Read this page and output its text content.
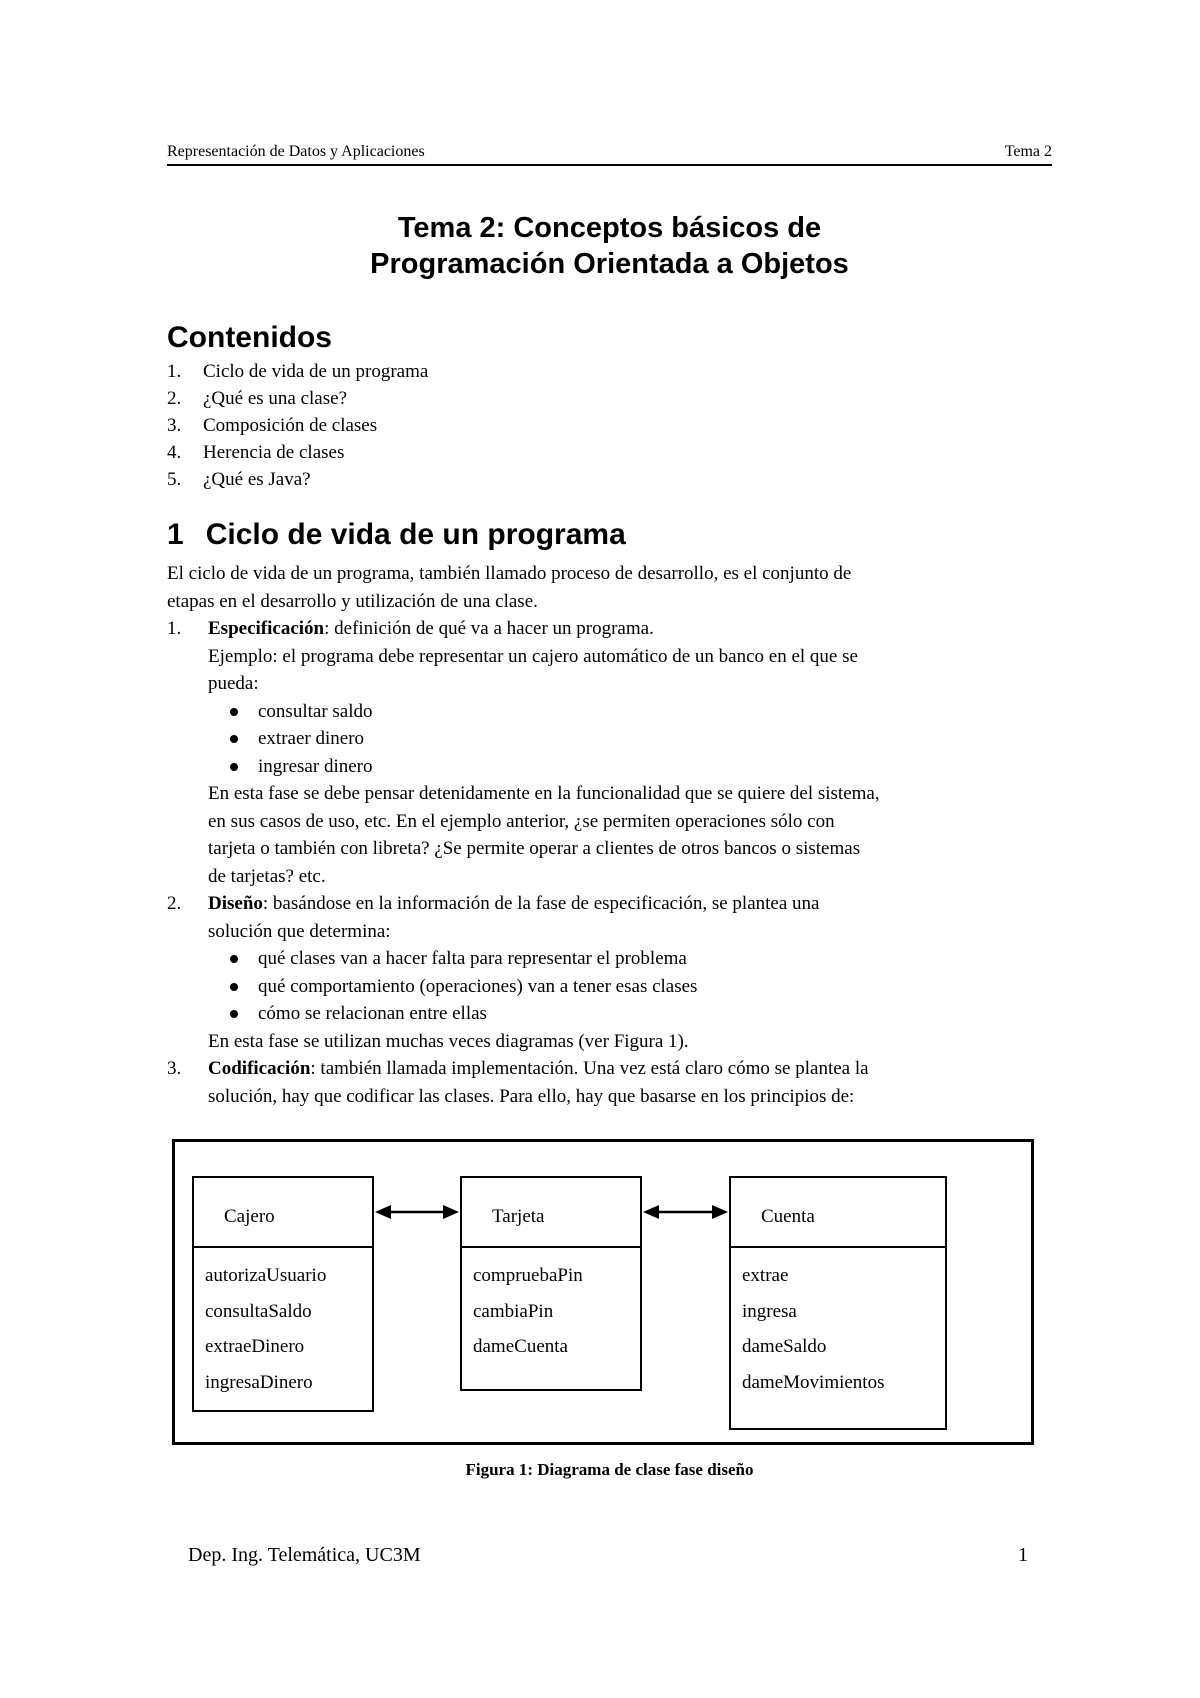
Representación de Datos y Aplicaciones	Tema 2
Tema 2: Conceptos básicos de
Programación Orientada a Objetos
Contenidos
1.	Ciclo de vida de un programa
2.	¿Qué es una clase?
3.	Composición de clases
4.	Herencia de clases
5.	¿Qué es Java?
1 Ciclo de vida de un programa
El ciclo de vida de un programa, también llamado proceso de desarrollo, es el conjunto de
etapas en el desarrollo y utilización de una clase.
1.	Especificación: definición de qué va a hacer un programa.
Ejemplo: el programa debe representar un cajero automático de un banco en el que se
pueda:
consultar saldo
extraer dinero
ingresar dinero
En esta fase se debe pensar detenidamente en la funcionalidad que se quiere del sistema,
en sus casos de uso, etc. En el ejemplo anterior, ¿se permiten operaciones sólo con
tarjeta o también con libreta? ¿Se permite operar a clientes de otros bancos o sistemas
de tarjetas? etc.
2.	Diseño: basándose en la información de la fase de especificación, se plantea una
solución que determina:
qué clases van a hacer falta para representar el problema
qué comportamiento (operaciones) van a tener esas clases
cómo se relacionan entre ellas
En esta fase se utilizan muchas veces diagramas (ver Figura 1).
3.	Codificación: también llamada implementación. Una vez está claro cómo se plantea la
solución, hay que codificar las clases. Para ello, hay que basarse en los principios de:
Cajero
autorizaUsuario
consultaSaldo
extraeDinero
ingresaDinero
Tarjeta
compruebaPin
cambiaPin
dameCuenta
Cuenta
extrae
ingresa
dameSaldo
dameMovimientos
Figura 1: Diagrama de clase fase diseño
Dep. Ing. Telemática, UC3M	1
